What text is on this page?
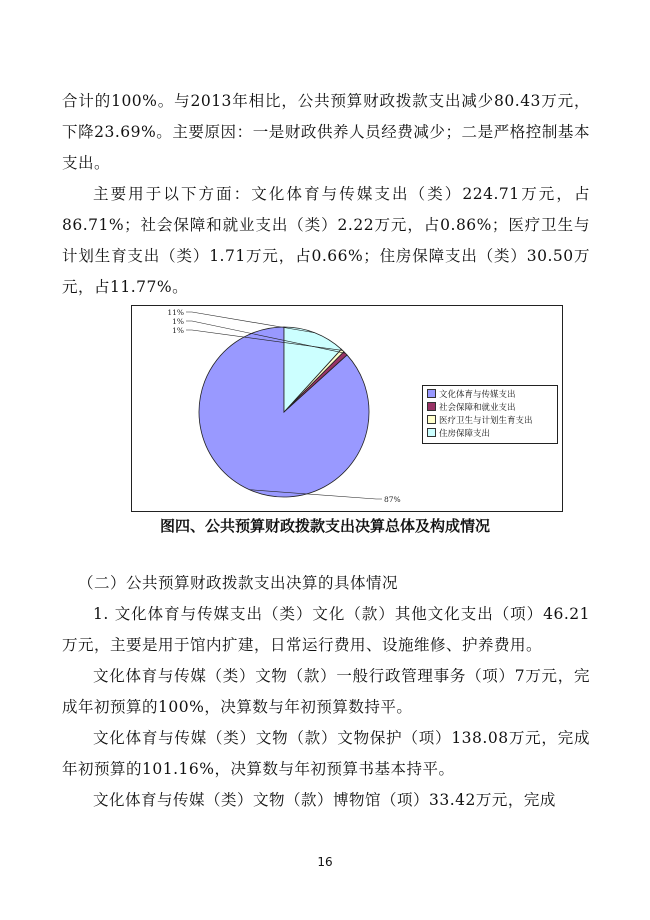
合计的100%。与2013年相比，公共预算财政拨款支出减少80.43万元，下降23.69%。主要原因：一是财政供养人员经费减少；二是严格控制基本支出。

主要用于以下方面：文化体育与传媒支出（类）224.71万元，占86.71%；社会保障和就业支出（类）2.22万元，占0.86%；医疗卫生与计划生育支出（类）1.71万元，占0.66%；住房保障支出（类）30.50万元，占11.77%。

11%
1%
1%
87%
文化体育与传媒支出
社会保障和就业支出
医疗卫生与计划生育支出
住房保障支出
图四、公共预算财政拨款支出决算总体及构成情况

（二）公共预算财政拨款支出决算的具体情况

1. 文化体育与传媒支出（类）文化（款）其他文化支出（项）46.21万元，主要是用于馆内扩建，日常运行费用、设施维修、护养费用。

文化体育与传媒（类）文物（款）一般行政管理事务（项）7万元，完成年初预算的100%，决算数与年初预算数持平。

文化体育与传媒（类）文物（款）文物保护（项）138.08万元，完成年初预算的101.16%，决算数与年初预算书基本持平。

文化体育与传媒（类）文物（款）博物馆（项）33.42万元，完成

16
